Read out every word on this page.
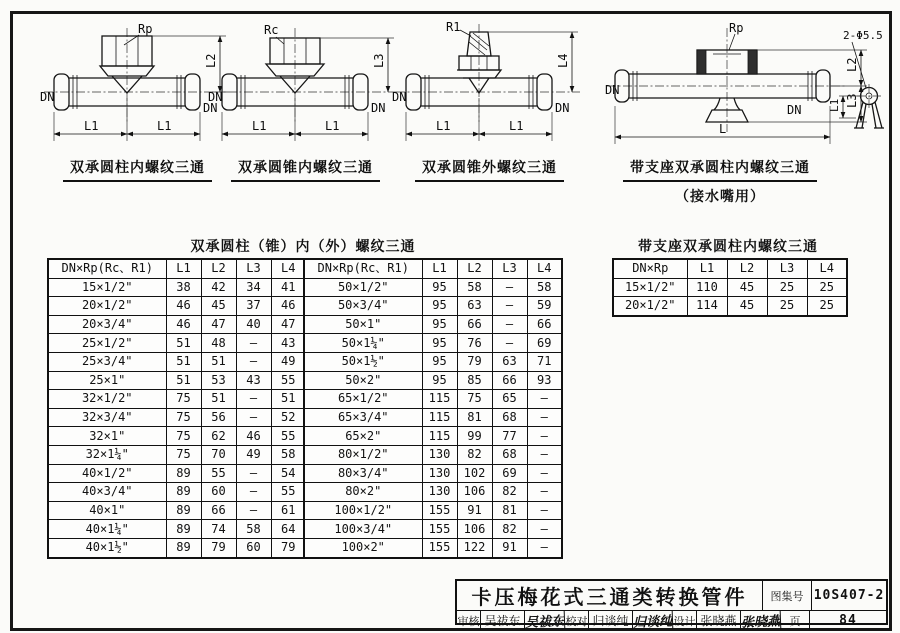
Rp
L2
L1	L1
DN
DN
双承圆柱内螺纹三通
Rc
L3
L1	L1
DN
DN
双承圆锥内螺纹三通
R1
L4
L1	L1
DN
DN
双承圆锥外螺纹三通
Rp
L2
L3
L
DN
DN
2-Φ5.5
L1
带支座双承圆柱内螺纹三通
（接水嘴用）
双承圆柱（锥）内（外）螺纹三通
DN×Rp(Rc、R1)	L1	L2	L3	L4
15×1/2"	38	42	34	41
20×1/2"	46	45	37	46
20×3/4"	46	47	40	47
25×1/2"	51	48	—	43
25×3/4"	51	51	—	49
25×1"	51	53	43	55
32×1/2"	75	51	—	51
32×3/4"	75	56	—	52
32×1"	75	62	46	55
32×1¼"	75	70	49	58
40×1/2"	89	55	—	54
40×3/4"	89	60	—	55
40×1"	89	66	—	61
40×1¼"	89	74	58	64
40×1½"	89	79	60	79
DN×Rp(Rc、R1)	L1	L2	L3	L4
50×1/2"	95	58	—	58
50×3/4"	95	63	—	59
50×1"	95	66	—	66
50×1¼"	95	76	—	69
50×1½"	95	79	63	71
50×2"	95	85	66	93
65×1/2"	115	75	65	—
65×3/4"	115	81	68	—
65×2"	115	99	77	—
80×1/2"	130	82	68	—
80×3/4"	130	102	69	—
80×2"	130	106	82	—
100×1/2"	155	91	81	—
100×3/4"	155	106	82	—
100×2"	155	122	91	—
带支座双承圆柱内螺纹三通
DN×Rp	L1	L2	L3	L4
15×1/2"	110	45	25	25
20×1/2"	114	45	25	25
卡压梅花式三通类转换管件	图集号 10S407-2
审核 吴祓东 吴祓东 校对 归谈纯 归谈纯 设计 张晓燕 张晓燕 页	84
